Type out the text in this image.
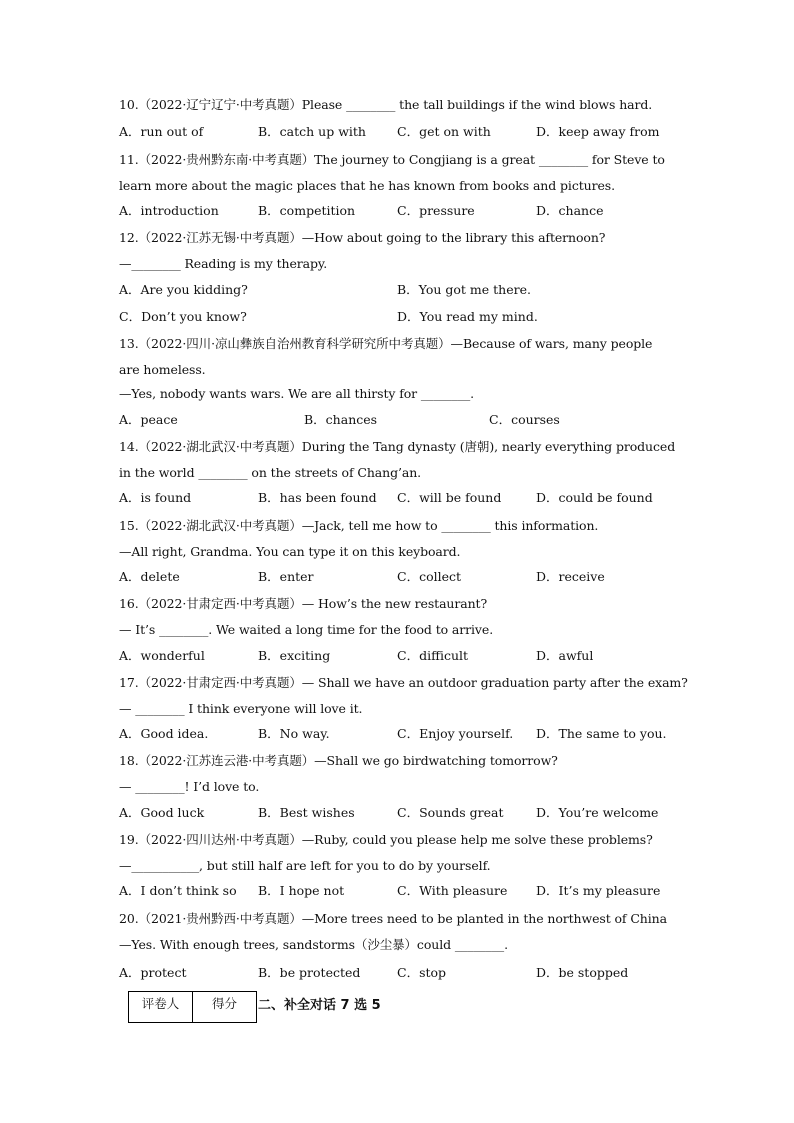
10.（2022·辽宁辽宁·中考真题）Please ________ the tall buildings if the wind blows hard.
A．run out of	B．catch up with C．get on with	D．keep away from
11.（2022·贵州黔东南·中考真题）The journey to Congjiang is a great ________ for Steve to
learn more about the magic places that he has known from books and pictures.
A．introduction	B．competition	C．pressure	D．chance
12.（2022·江苏无锡·中考真题）—How about going to the library this afternoon?
—________ Reading is my therapy.
A．Are you kidding?	B．You got me there.
C．Don’t you know?	D．You read my mind.
13.（2022·四川·凉山彝族自治州教育科学研究所中考真题）—Because of wars, many people
are homeless.
—Yes, nobody wants wars. We are all thirsty for ________.
A．peace	B．chances	C．courses
14.（2022·湖北武汉·中考真题）During the Tang dynasty (唐朝), nearly everything produced
in the world ________ on the streets of Chang’an.
A．is found	B．has been found C．will be found	D．could be found
15.（2022·湖北武汉·中考真题）—Jack, tell me how to ________ this information.
—All right, Grandma. You can type it on this keyboard.
A．delete	B．enter	C．collect	D．receive
16.（2022·甘肃定西·中考真题）— How’s the new restaurant?
— It’s ________. We waited a long time for the food to arrive.
A．wonderful	B．exciting	C．difficult	D．awful
17.（2022·甘肃定西·中考真题）— Shall we have an outdoor graduation party after the exam?
— ________ I think everyone will love it.
A．Good idea.	B．No way.	C．Enjoy yourself. D．The same to you.
18.（2022·江苏连云港·中考真题）—Shall we go birdwatching tomorrow?
— ________! I’d love to.
A．Good luck	B．Best wishes	C．Sounds great	D．You’re welcome
19.（2022·四川达州·中考真题）—Ruby, could you please help me solve these problems?
—___________, but still half are left for you to do by yourself.
A．I don’t think so B．I hope not	C．With pleasure D．It’s my pleasure
20.（2021·贵州黔西·中考真题）—More trees need to be planted in the northwest of China
—Yes. With enough trees, sandstorms（沙尘暴）could ________.
A．protect	B．be protected	C．stop	D．be stopped
评卷人	得分 二、补全对话 7 选 5
